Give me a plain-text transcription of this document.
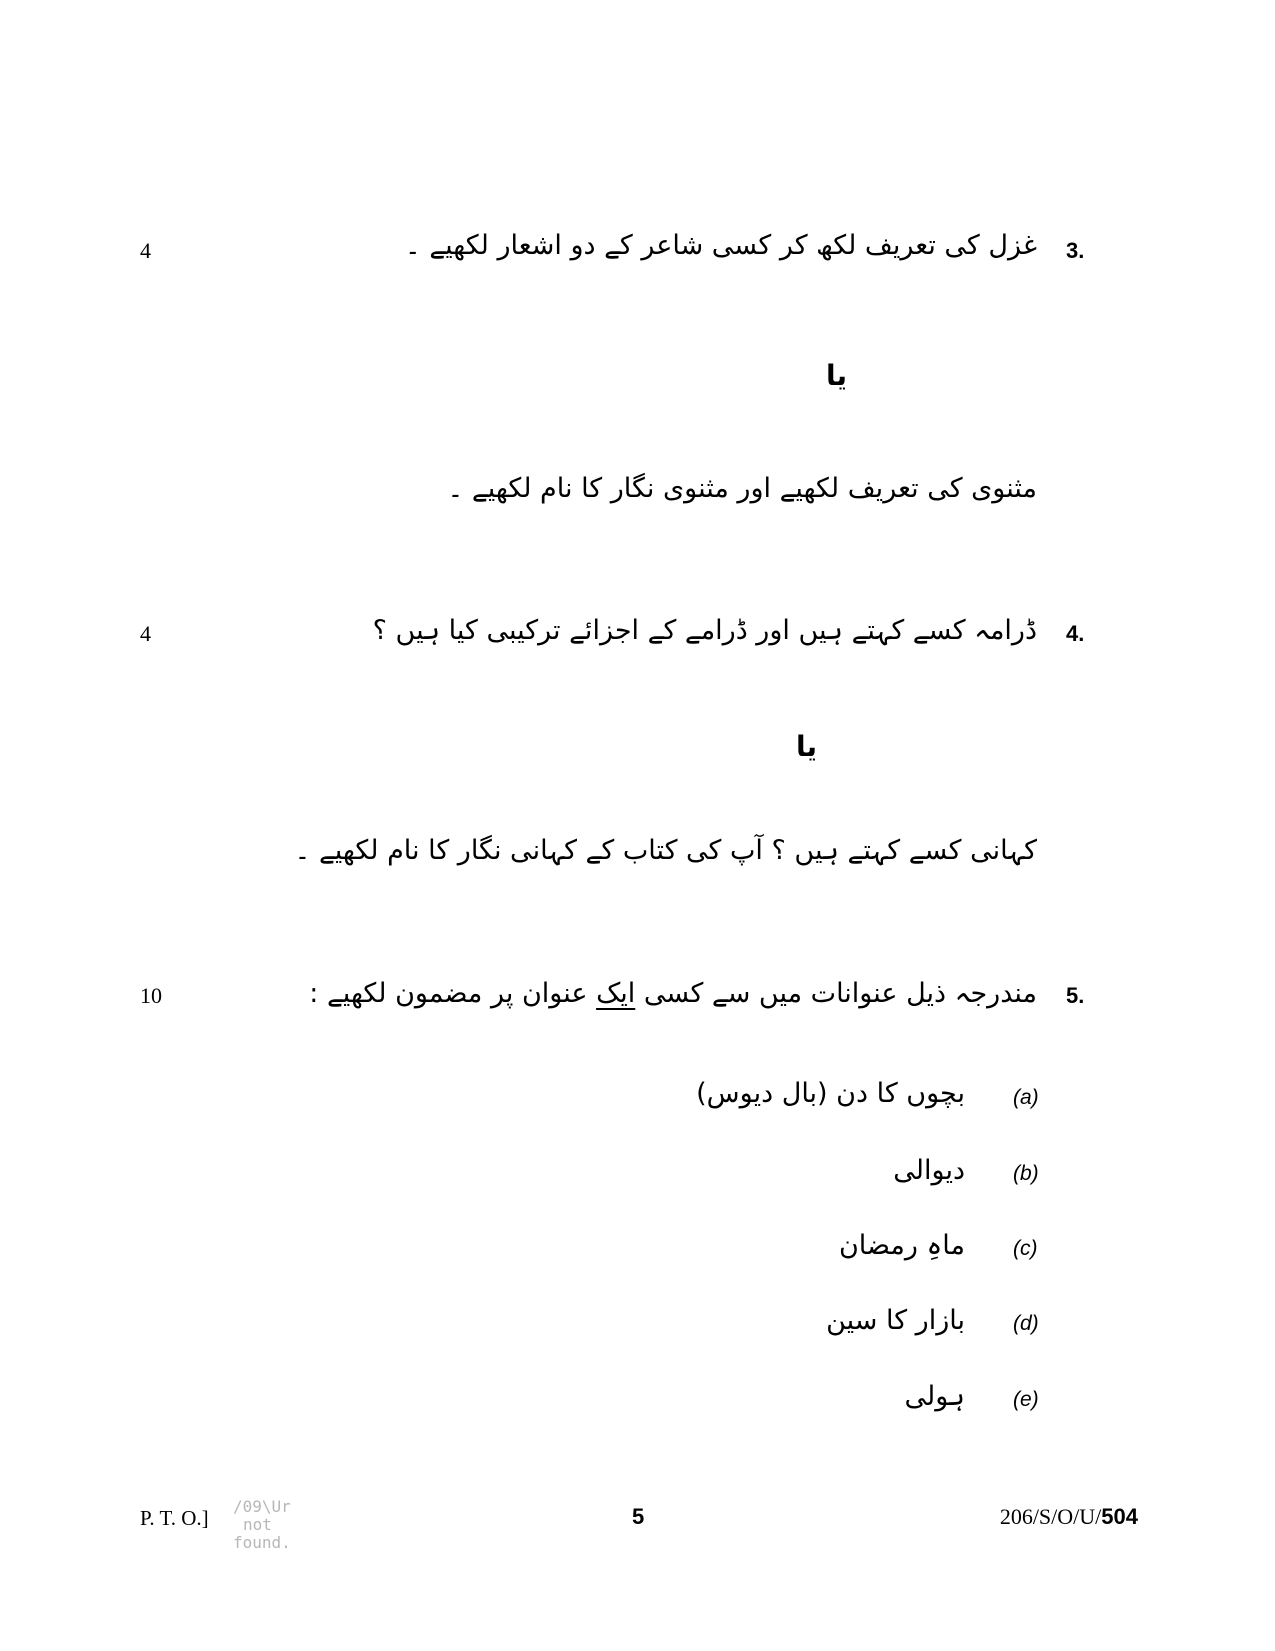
3.
غزل کی تعریف لکھ کر کسی شاعر کے دو اشعار لکھیے ۔
4
یا
مثنوی کی تعریف لکھیے اور مثنوی نگار کا نام لکھیے ۔
4.
ڈرامہ کسے کہتے ہیں اور ڈرامے کے اجزائے ترکیبی کیا ہیں ؟
4
یا
کہانی کسے کہتے ہیں ؟ آپ کی کتاب کے کہانی نگار کا نام لکھیے ۔
5.
مندرجہ ذیل عنوانات میں سے کسی ایک عنوان پر مضمون لکھیے :
10
(a)
بچوں کا دن (بال دیوس)
(b)
دیوالی
(c)
ماہِ رمضان
(d)
بازار کا سین
(e)
ہولی
P. T. O.] /09\Ur
not
found.
5	206/S/O/U/504
